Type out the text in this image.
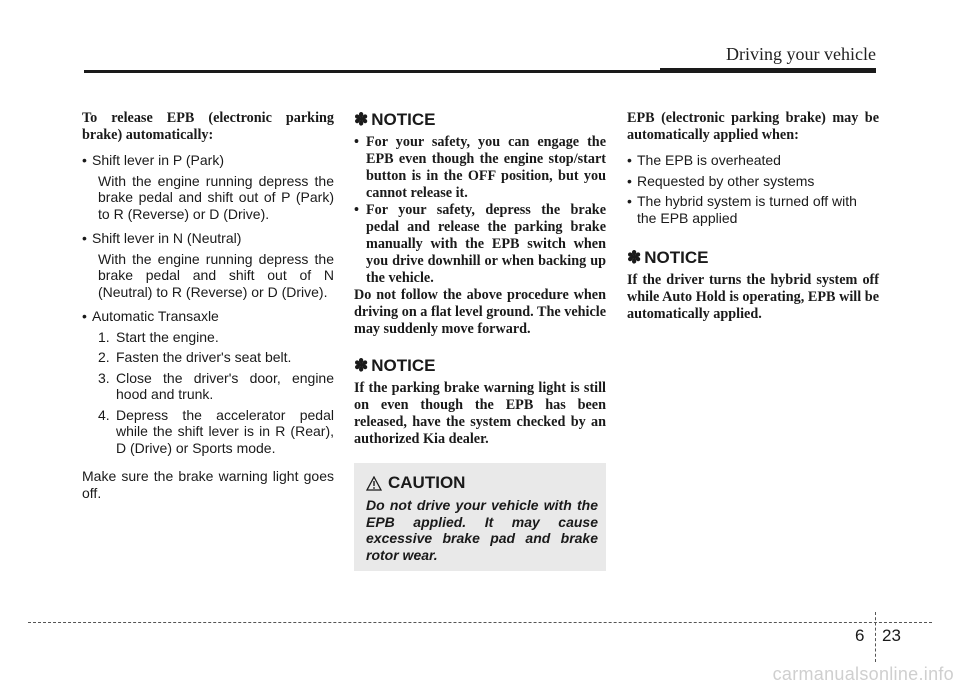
Driving your vehicle

To release EPB (electronic parking brake) automatically:

• Shift lever in P (Park)

With the engine running depress the brake pedal and shift out of P (Park) to R (Reverse) or D (Drive).

• Shift lever in N (Neutral)

With the engine running depress the brake pedal and shift out of N (Neutral) to R (Reverse) or D (Drive).

• Automatic Transaxle

1. Start the engine.

2. Fasten the driver's seat belt.

3. Close the driver's door, engine hood and trunk.

4. Depress the accelerator pedal while the shift lever is in R (Rear), D (Drive) or Sports mode.

Make sure the brake warning light goes off.

✽ NOTICE
• For your safety, you can engage the EPB even though the engine stop/start button is in the OFF position, but you cannot release it.

• For your safety, depress the brake pedal and release the parking brake manually with the EPB switch when you drive downhill or when backing up the vehicle.

Do not follow the above procedure when driving on a flat level ground. The vehicle may suddenly move forward.

✽ NOTICE

If the parking brake warning light is still on even though the EPB has been released, have the system checked by an authorized Kia dealer.

CAUTION

Do not drive your vehicle with the EPB applied. It may cause excessive brake pad and brake rotor wear.

EPB (electronic parking brake) may be automatically applied when:

• The EPB is overheated

• Requested by other systems

• The hybrid system is turned off with the EPB applied

✽ NOTICE

If the driver turns the hybrid system off while Auto Hold is operating, EPB will be automatically applied.

6 23
carmanualsonline.info
